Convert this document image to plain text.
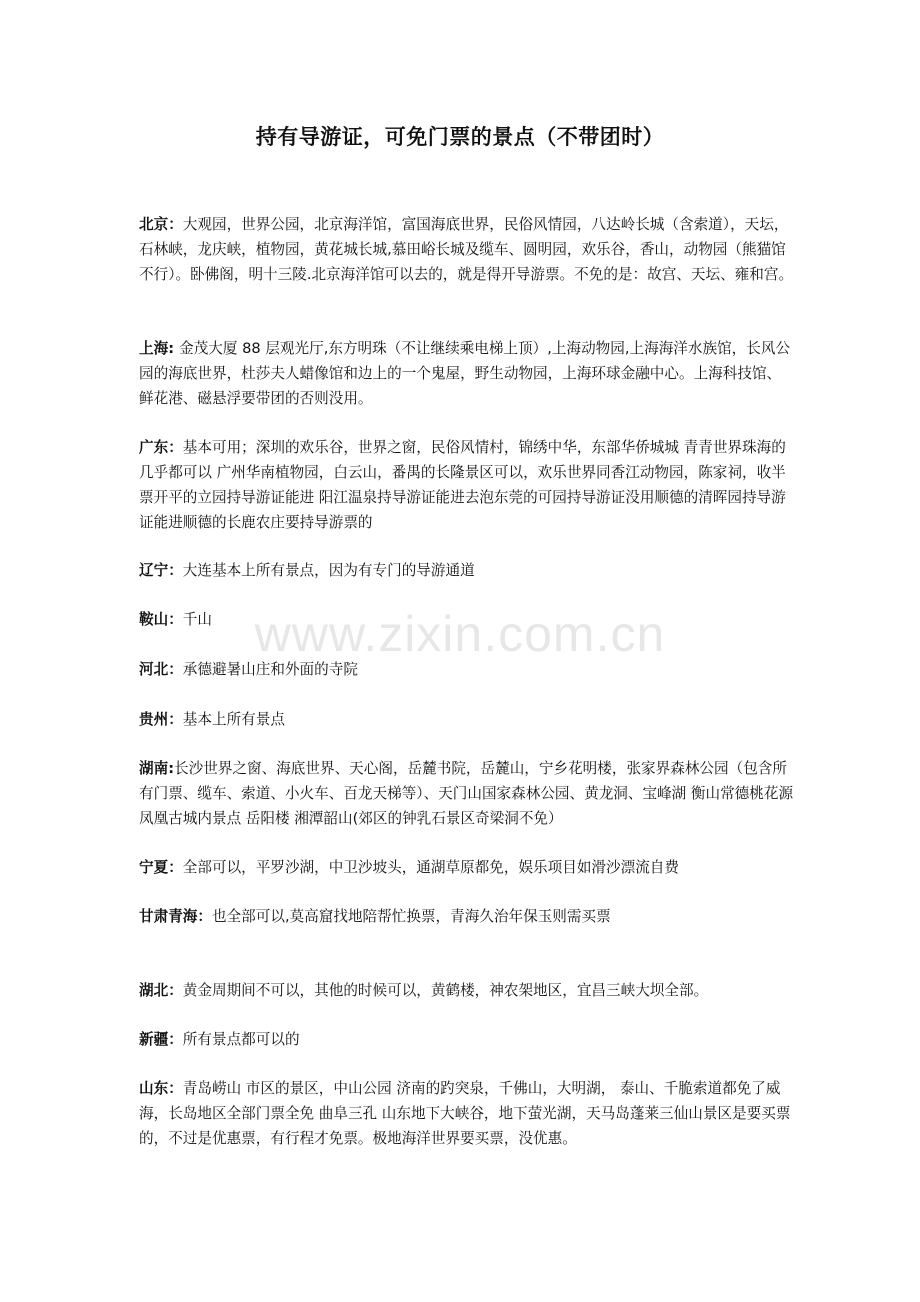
持有导游证，可免门票的景点（不带团时）
www.zixin.com.cn
北京：大观园，世界公园，北京海洋馆，富国海底世界，民俗风情园，八达岭长城（含索道），天坛，石林峡，龙庆峡，植物园，黄花城长城,慕田峪长城及缆车、圆明园，欢乐谷，香山，动物园（熊猫馆不行）。卧佛阁，明十三陵.北京海洋馆可以去的，就是得开导游票。不免的是：故宫、天坛、雍和宫。
上海: 金茂大厦 88 层观光厅,东方明珠（不让继续乘电梯上顶）,上海动物园,上海海洋水族馆，长风公园的海底世界，杜莎夫人蜡像馆和边上的一个鬼屋，野生动物园，上海环球金融中心。上海科技馆、鲜花港、磁悬浮要带团的否则没用。
广东：基本可用；深圳的欢乐谷，世界之窗，民俗风情村，锦绣中华，东部华侨城城 青青世界珠海的几乎都可以 广州华南植物园，白云山，番禺的长隆景区可以，欢乐世界同香江动物园，陈家祠，收半票开平的立园持导游证能进 阳江温泉持导游证能进去泡东莞的可园持导游证没用顺德的清晖园持导游证能进顺德的长鹿农庄要持导游票的
辽宁：大连基本上所有景点，因为有专门的导游通道
鞍山：千山
河北：承德避暑山庄和外面的寺院
贵州：基本上所有景点
湖南:长沙世界之窗、海底世界、天心阁，岳麓书院，岳麓山，宁乡花明楼，张家界森林公园（包含所有门票、缆车、索道、小火车、百龙天梯等）、天门山国家森林公园、黄龙洞、宝峰湖 衡山常德桃花源 凤凰古城内景点 岳阳楼 湘潭韶山(郊区的钟乳石景区奇梁洞不免）
宁夏：全部可以，平罗沙湖，中卫沙坡头，通湖草原都免，娱乐项目如滑沙漂流自费
甘肃青海：也全部可以,莫高窟找地陪帮忙换票，青海久治年保玉则需买票
湖北：黄金周期间不可以，其他的时候可以，黄鹤楼，神农架地区，宜昌三峡大坝全部。
新疆：所有景点都可以的
山东：青岛崂山 市区的景区，中山公园 济南的趵突泉，千佛山，大明湖， 泰山、千脆索道都免了威海，长岛地区全部门票全免 曲阜三孔 山东地下大峡谷，地下萤光湖，天马岛蓬莱三仙山景区是要买票的，不过是优惠票，有行程才免票。极地海洋世界要买票，没优惠。
